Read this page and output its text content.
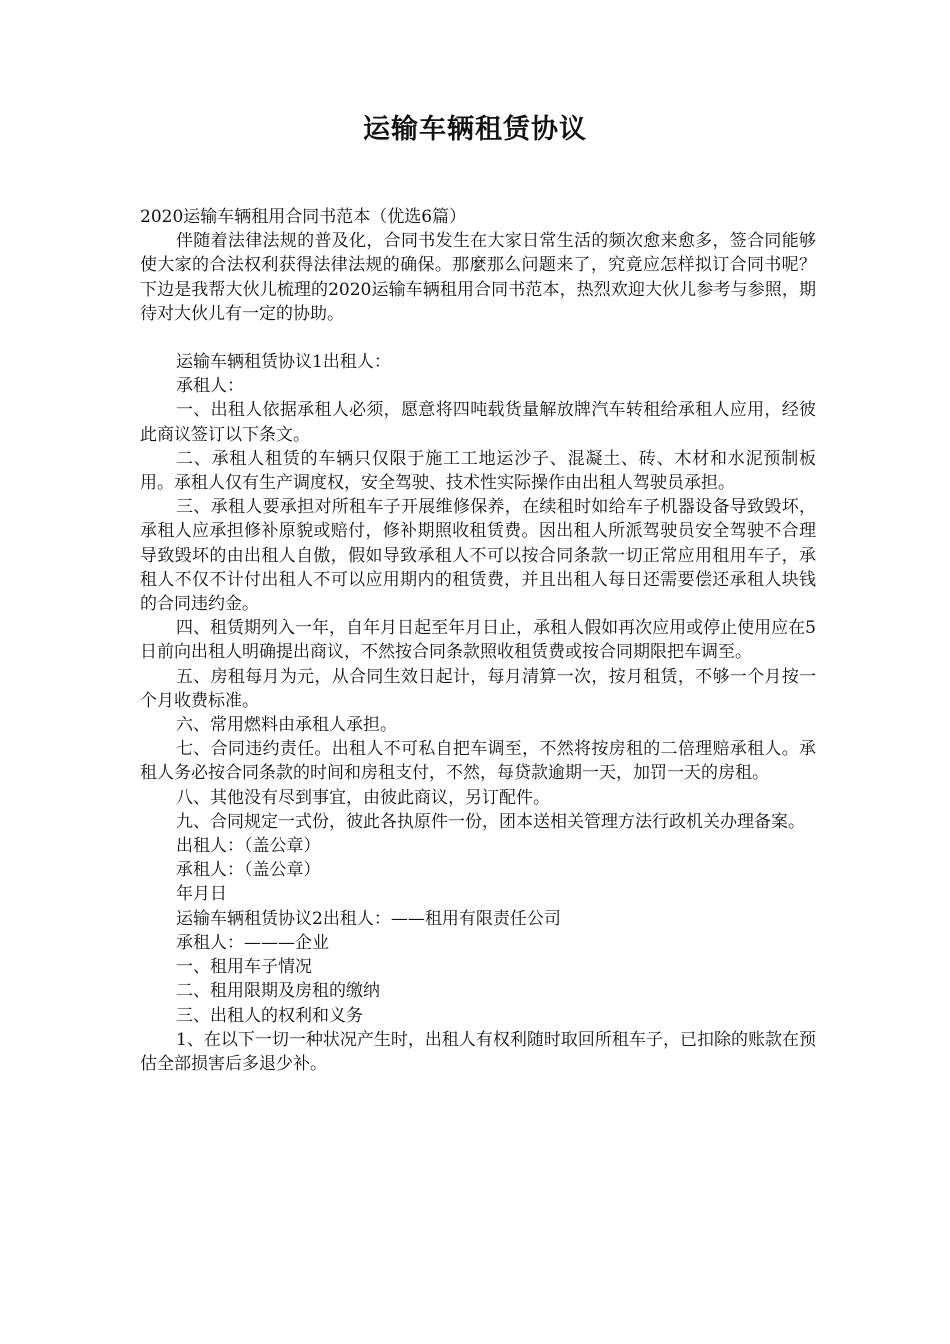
运输车辆租赁协议

2020运输车辆租用合同书范本（优选6篇）

伴随着法律法规的普及化，合同书发生在大家日常生活的频次愈来愈多，签合同能够使大家的合法权利获得法律法规的确保。那麼那么问题来了，究竟应怎样拟订合同书呢？下边是我帮大伙儿梳理的2020运输车辆租用合同书范本，热烈欢迎大伙儿参考与参照，期待对大伙儿有一定的协助。

运输车辆租赁协议1出租人：

承租人：

一、出租人依据承租人必须，愿意将四吨载货量解放牌汽车转租给承租人应用，经彼此商议签订以下条文。

二、承租人租赁的车辆只仅限于施工工地运沙子、混凝土、砖、木材和水泥预制板用。承租人仅有生产调度权，安全驾驶、技术性实际操作由出租人驾驶员承担。

三、承租人要承担对所租车子开展维修保养，在续租时如给车子机器设备导致毁坏，承租人应承担修补原貌或赔付，修补期照收租赁费。因出租人所派驾驶员安全驾驶不合理导致毁坏的由出租人自傲，假如导致承租人不可以按合同条款一切正常应用租用车子，承租人不仅不计付出租人不可以应用期内的租赁费，并且出租人每日还需要偿还承租人块钱的合同违约金。

四、租赁期列入一年，自年月日起至年月日止，承租人假如再次应用或停止使用应在5日前向出租人明确提出商议，不然按合同条款照收租赁费或按合同期限把车调至。

五、房租每月为元，从合同生效日起计，每月清算一次，按月租赁，不够一个月按一个月收费标准。

六、常用燃料由承租人承担。

七、合同违约责任。出租人不可私自把车调至，不然将按房租的二倍理赔承租人。承租人务必按合同条款的时间和房租支付，不然，每贷款逾期一天，加罚一天的房租。

八、其他没有尽到事宜，由彼此商议，另订配件。

九、合同规定一式份，彼此各执原件一份，团本送相关管理方法行政机关办理备案。

出租人：（盖公章）

承租人：（盖公章）

年月日

运输车辆租赁协议2出租人：——租用有限责任公司

承租人：———企业

一、租用车子情况

二、租用限期及房租的缴纳

三、出租人的权利和义务

1、在以下一切一种状况产生时，出租人有权利随时取回所租车子，已扣除的账款在预估全部损害后多退少补。
